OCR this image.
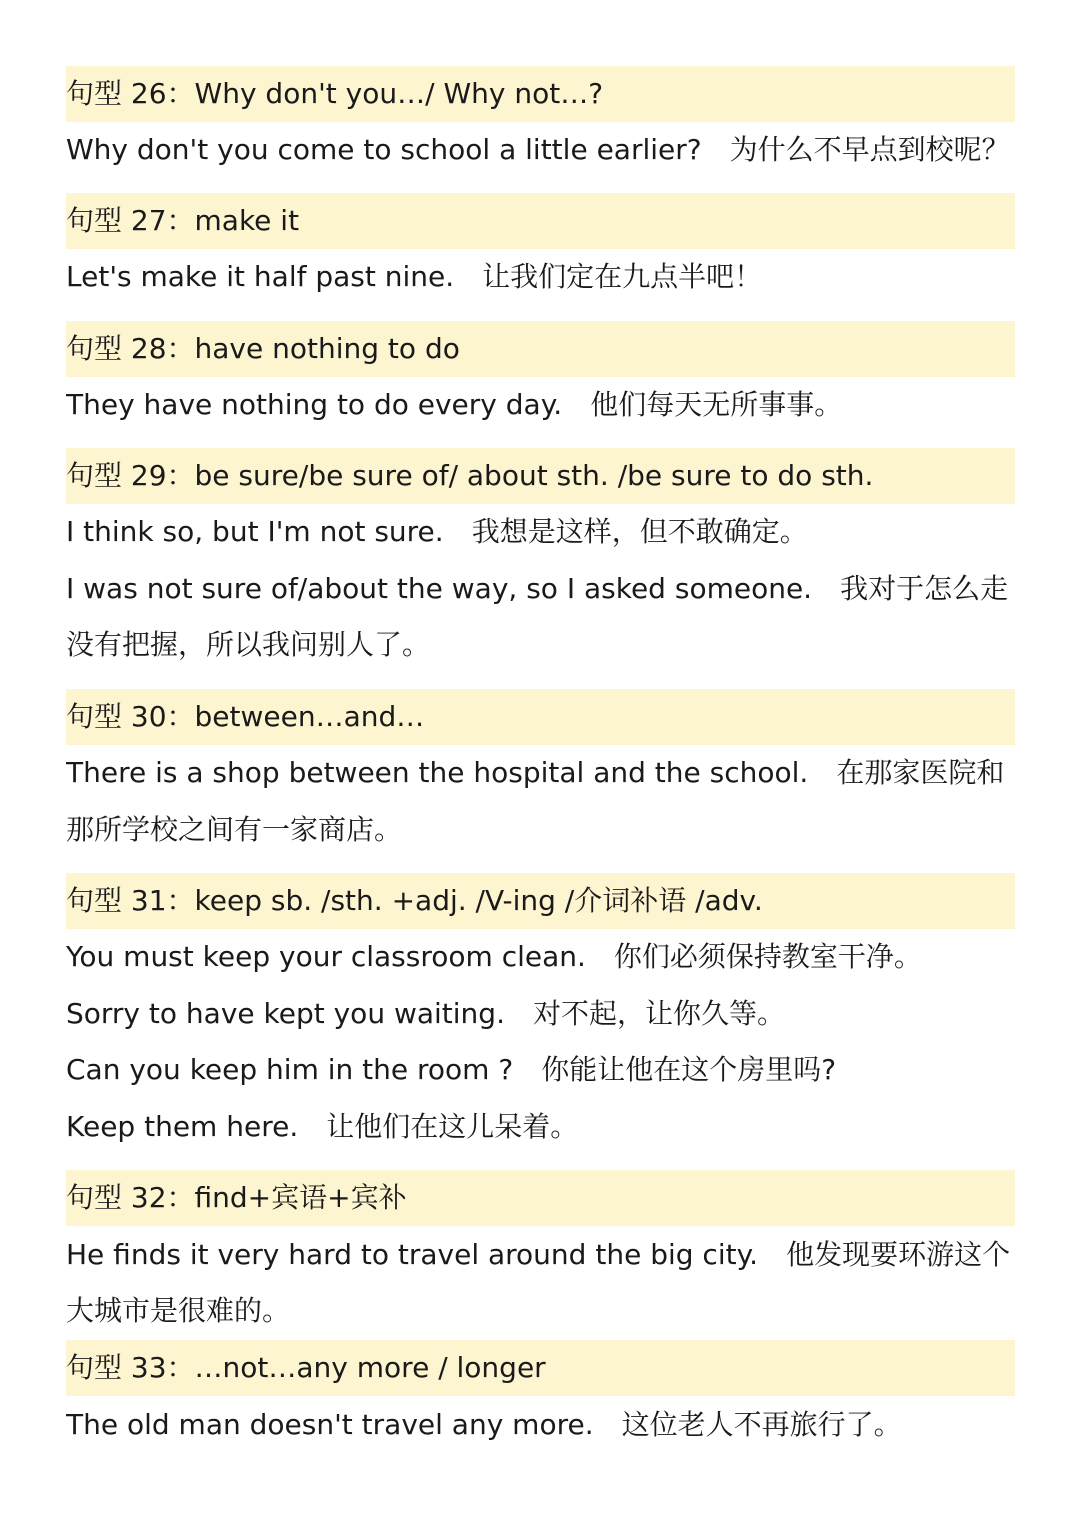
句型 26：Why don't you…/ Why not…?
Why don't you come to school a little earlier? 为什么不早点到校呢？
句型 27：make it
Let's make it half past nine. 让我们定在九点半吧！
句型 28：have nothing to do
They have nothing to do every day. 他们每天无所事事。
句型 29：be sure/be sure of/ about sth. /be sure to do sth.
I think so, but I'm not sure. 我想是这样，但不敢确定。
I was not sure of/about the way, so I asked someone. 我对于怎么走
没有把握，所以我问别人了。
句型 30：between…and…
There is a shop between the hospital and the school. 在那家医院和
那所学校之间有一家商店。
句型 31：keep sb. /sth. +adj. /V-ing /介词补语 /adv.
You must keep your classroom clean. 你们必须保持教室干净。
Sorry to have kept you waiting. 对不起，让你久等。
Can you keep him in the room ? 你能让他在这个房里吗?
Keep them here. 让他们在这儿呆着。
句型 32：find+宾语+宾补
He finds it very hard to travel around the big city. 他发现要环游这个
大城市是很难的。
句型 33：…not…any more / longer
The old man doesn't travel any more. 这位老人不再旅行了。
